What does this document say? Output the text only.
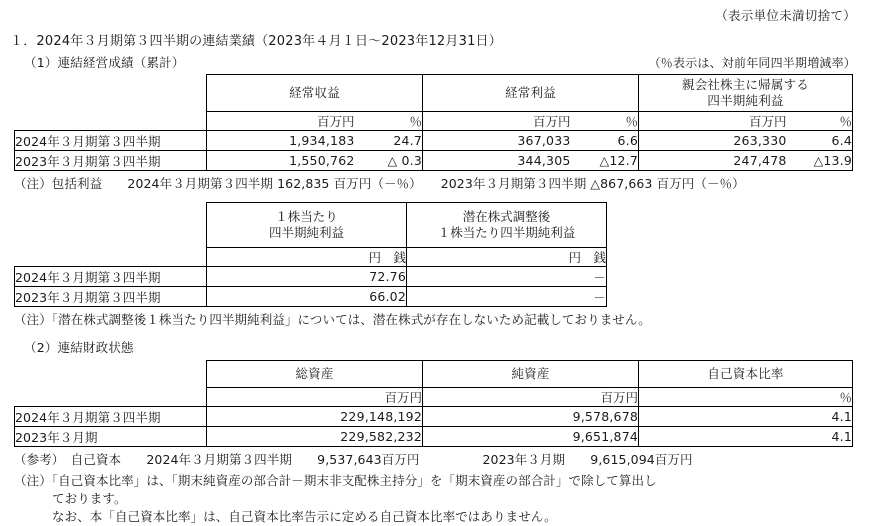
（表示単位未満切捨て）
１．2024年３月期第３四半期の連結業績（2023年４月１日～2023年12月31日）
（1）連結経営成績（累計）	（％表示は、対前年同四半期増減率）
	経常収益		経常利益		親会社株主に帰属する
四半期純利益	

	百万円	％	百万円	％	百万円	％
2024年３月期第３四半期	1,934,183	24.7	367,033	6.6	263,330	6.4
2023年３月期第３四半期	1,550,762	△ 0.3	344,305	△12.7	247,478	△13.9
（注）包括利益　　2024年３月期第３四半期 162,835 百万円（－％）　　2023年３月期第３四半期 △867,663 百万円（－％）

１株当たり
四半期純利益

潜在株式調整後
１株当たり四半期純利益

	円　銭	円　銭	
2024年３月期第３四半期	72.76	－	
2023年３月期第３四半期	66.02	－	
（注）「潜在株式調整後１株当たり四半期純利益」については、潜在株式が存在しないため記載しておりません。
（2）連結財政状態
	総資産	純資産	自己資本比率
	百万円	百万円	％
2024年３月期第３四半期	229,148,192	9,578,678	4.1
2023年３月期	229,582,232	9,651,874	4.1
（参考）　自己資本　　2024年３月期第３四半期　　9,537,643百万円　　　　　2023年３月期　　9,615,094百万円
（注）「自己資本比率」は、「期末純資産の部合計－期末非支配株主持分」を「期末資産の部合計」で除して算出し
ております。
なお、本「自己資本比率」は、自己資本比率告示に定める自己資本比率ではありません。
